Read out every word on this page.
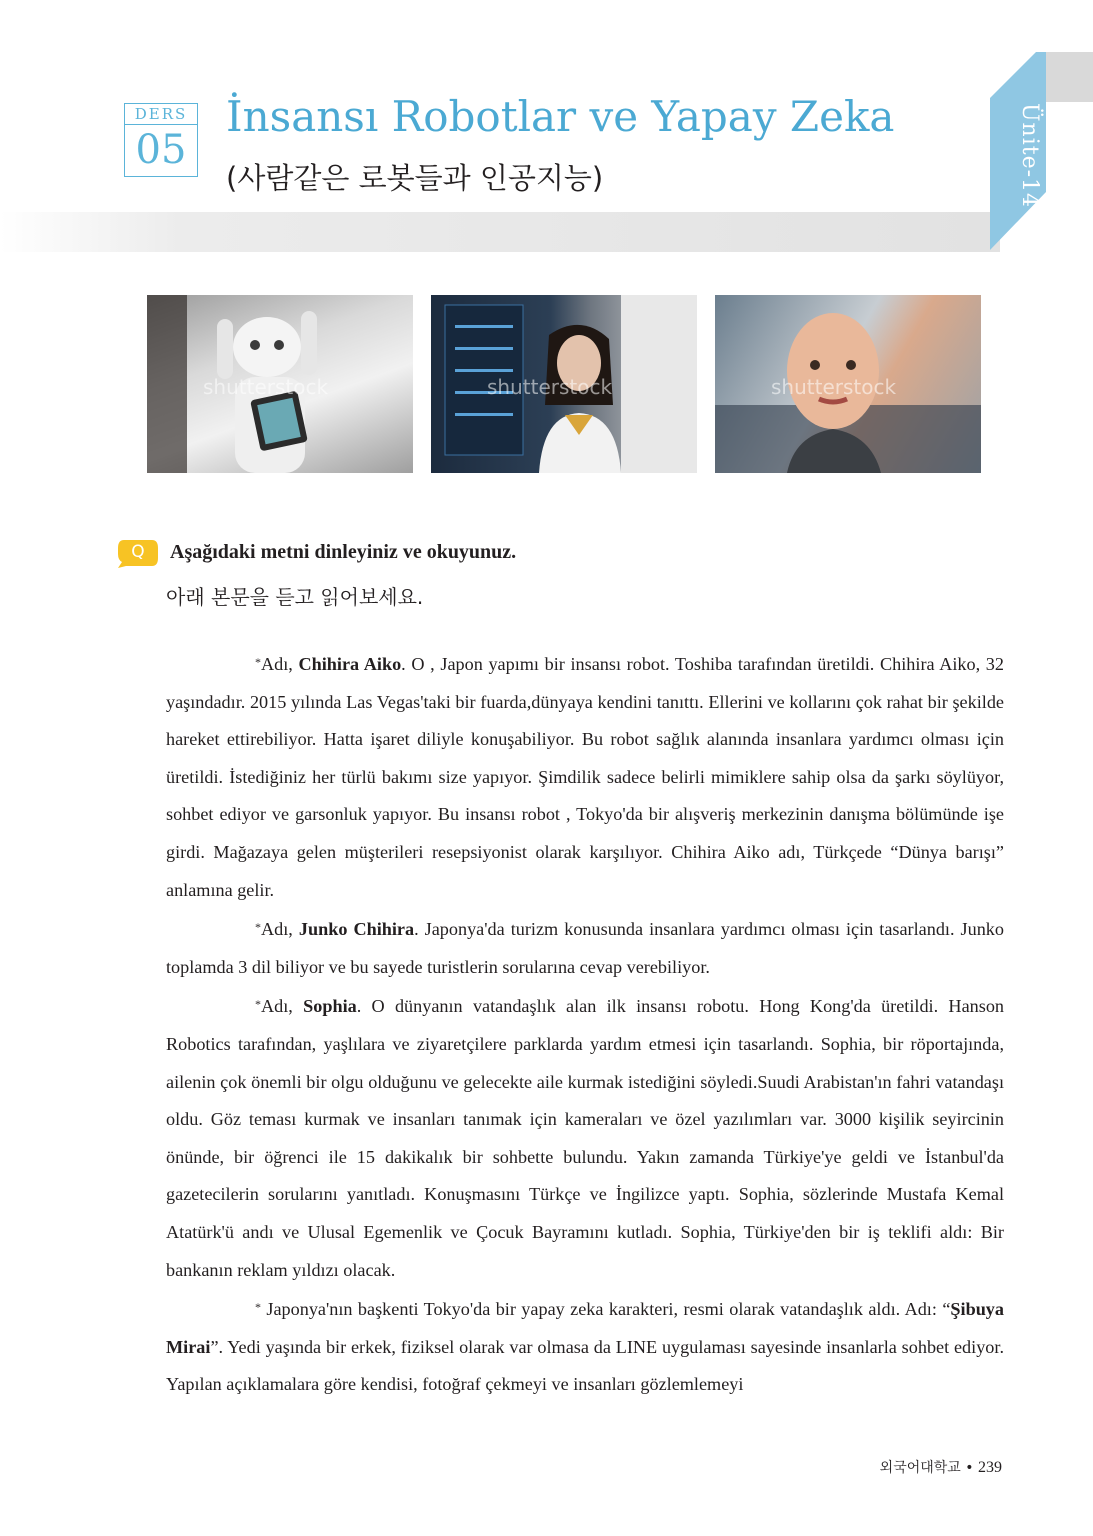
Ünite-14
DERS
05
İnsansı Robotlar ve Yapay Zeka
(사람같은 로봇들과 인공지능)
shutterstock	shutterstock	shutterstock
Q	Aşağıdaki metni dinleyiniz ve okuyunuz.

아래 본문을 듣고 읽어보세요.

*Adı, Chihira Aiko. O , Japon yapımı bir insansı robot. Toshiba tarafından üretildi. Chihira Aiko, 32 yaşındadır. 2015 yılında Las Vegas'taki bir fuarda,dünyaya kendini tanıttı. Ellerini ve kollarını çok rahat bir şekilde hareket ettirebiliyor. Hatta işaret diliyle konuşabiliyor. Bu robot sağlık alanında insanlara yardımcı olması için üretildi. İstediğiniz her türlü bakımı size yapıyor. Şimdilik sadece belirli mimiklere sahip olsa da şarkı söylüyor, sohbet ediyor ve garsonluk yapıyor. Bu insansı robot , Tokyo'da bir alışveriş merkezinin danışma bölümünde işe girdi. Mağazaya gelen müşterileri resepsiyonist olarak karşılıyor. Chihira Aiko adı, Türkçede “Dünya barışı” anlamına gelir.

*Adı, Junko Chihira. Japonya'da turizm konusunda insanlara yardımcı olması için tasarlandı. Junko toplamda 3 dil biliyor ve bu sayede turistlerin sorularına cevap verebiliyor.

*Adı, Sophia. O dünyanın vatandaşlık alan ilk insansı robotu. Hong Kong'da üretildi. Hanson Robotics tarafından, yaşlılara ve ziyaretçilere parklarda yardım etmesi için tasarlandı. Sophia, bir röportajında, ailenin çok önemli bir olgu olduğunu ve gelecekte aile kurmak istediğini söyledi.Suudi Arabistan'ın fahri vatandaşı oldu. Göz teması kurmak ve insanları tanımak için kameraları ve özel yazılımları var. 3000 kişilik seyircinin önünde, bir öğrenci ile 15 dakikalık bir sohbette bulundu. Yakın zamanda Türkiye'ye geldi ve İstanbul'da gazetecilerin sorularını yanıtladı. Konuşmasını Türkçe ve İngilizce yaptı. Sophia, sözlerinde Mustafa Kemal Atatürk'ü andı ve Ulusal Egemenlik ve Çocuk Bayramını kutladı. Sophia, Türkiye'den bir iş teklifi aldı: Bir bankanın reklam yıldızı olacak.

* Japonya'nın başkenti Tokyo'da bir yapay zeka karakteri, resmi olarak vatandaşlık aldı. Adı: “Şibuya Mirai”. Yedi yaşında bir erkek, fiziksel olarak var olmasa da LINE uygulaması sayesinde insanlarla sohbet ediyor. Yapılan açıklamalara göre kendisi, fotoğraf çekmeyi ve insanları gözlemlemeyi

외국어대학교 • 239
